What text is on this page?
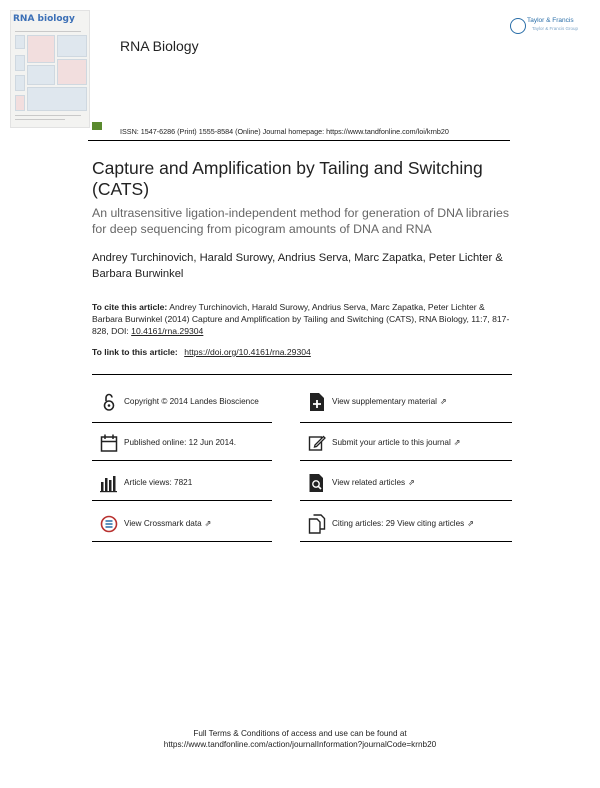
RNA biology
RNA Biology
Taylor & Francis
Taylor & Francis Group
ISSN: 1547-6286 (Print) 1555-8584 (Online) Journal homepage: https://www.tandfonline.com/loi/krnb20
Capture and Amplification by Tailing and Switching (CATS)
An ultrasensitive ligation-independent method for generation of DNA libraries for deep sequencing from picogram amounts of DNA and RNA
Andrey Turchinovich, Harald Surowy, Andrius Serva, Marc Zapatka, Peter Lichter & Barbara Burwinkel
To cite this article: Andrey Turchinovich, Harald Surowy, Andrius Serva, Marc Zapatka, Peter Lichter & Barbara Burwinkel (2014) Capture and Amplification by Tailing and Switching (CATS), RNA Biology, 11:7, 817-828, DOI: 10.4161/rna.29304
To link to this article: https://doi.org/10.4161/rna.29304
Copyright © 2014 Landes Bioscience	View supplementary material ⇗
Published online: 12 Jun 2014.	Submit your article to this journal ⇗
Article views: 7821	View related articles ⇗
View Crossmark data ⇗	Citing articles: 29 View citing articles ⇗
Full Terms & Conditions of access and use can be found at
https://www.tandfonline.com/action/journalInformation?journalCode=krnb20
